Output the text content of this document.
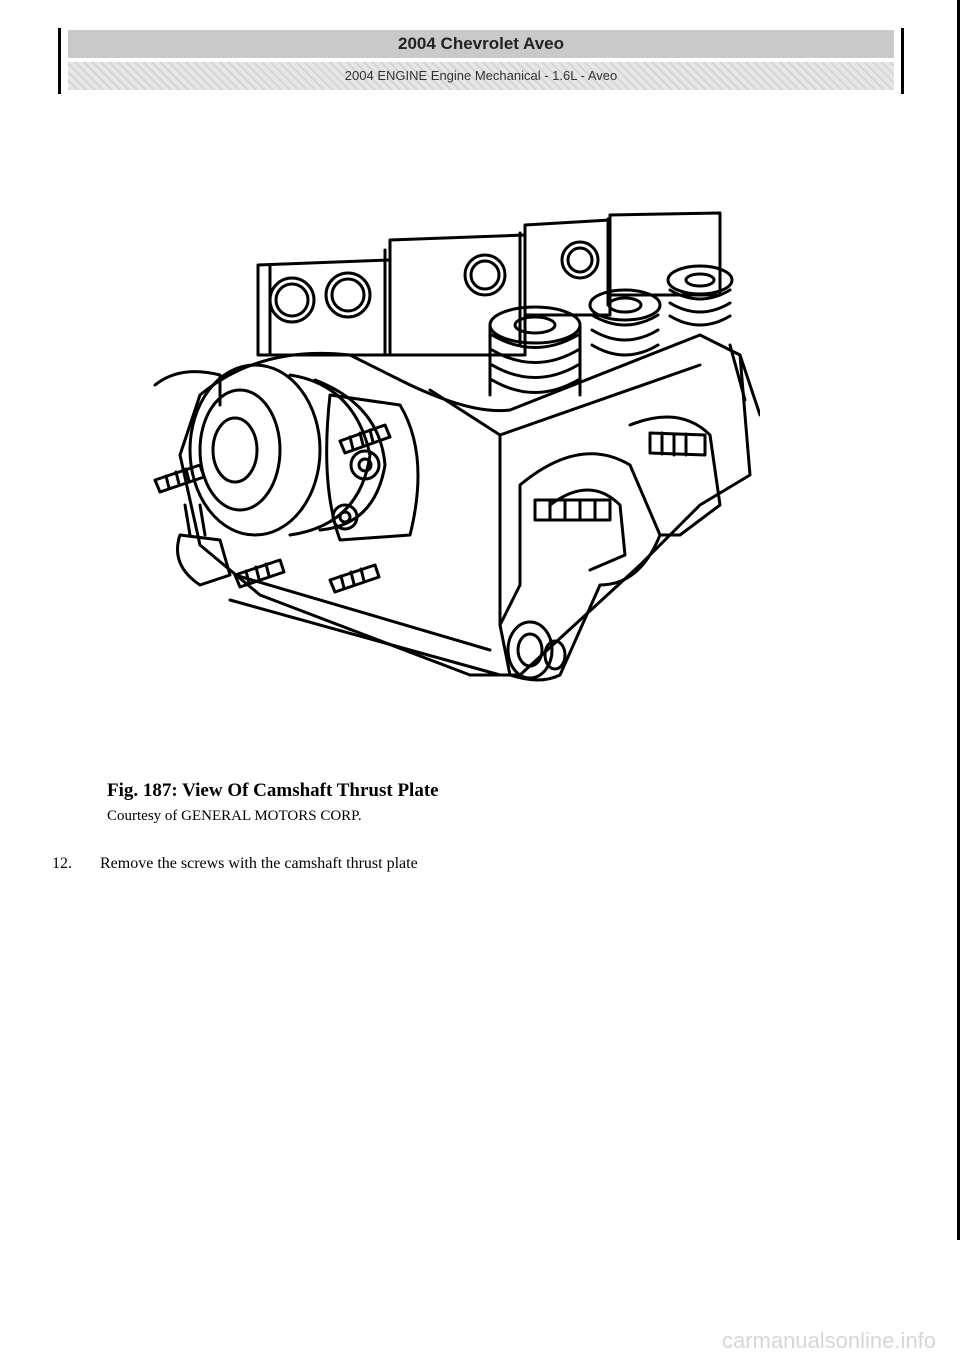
2004 Chevrolet Aveo
2004 ENGINE Engine Mechanical - 1.6L - Aveo
Fig. 187: View Of Camshaft Thrust Plate
Courtesy of GENERAL MOTORS CORP.
12. Remove the screws with the camshaft thrust plate
carmanualsonline.info
